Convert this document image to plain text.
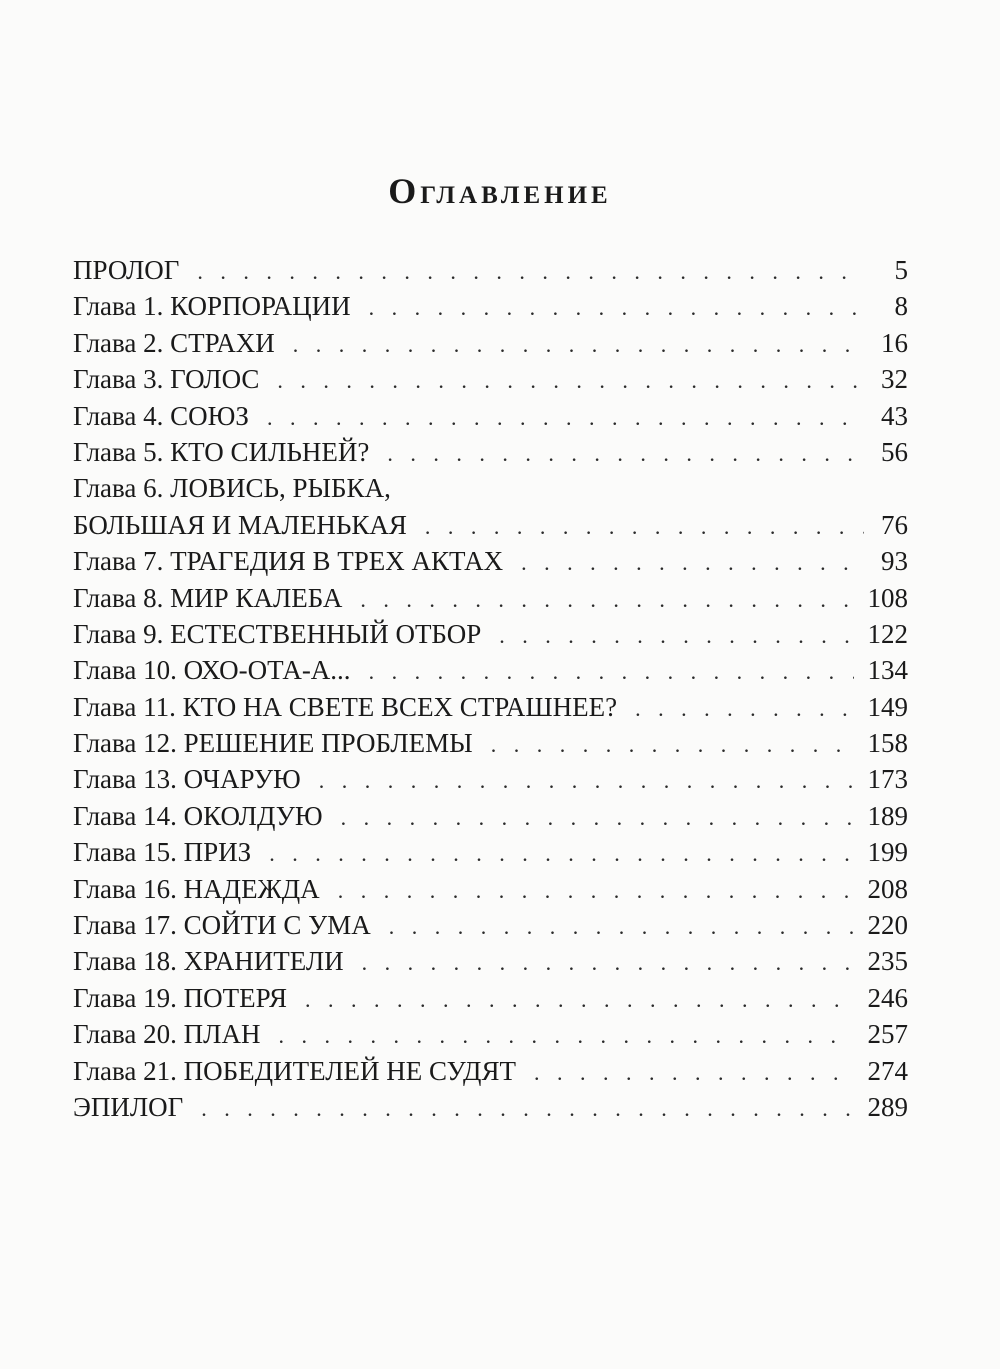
Оглавление
ПРОЛОГ . . .	5
Глава 1. КОРПОРАЦИИ . . .	8
Глава 2. СТРАХИ . . .	16
Глава 3. ГОЛОС . . .	32
Глава 4. СОЮЗ . . .	43
Глава 5. КТО СИЛЬНЕЙ? . . .	56
Глава 6. ЛОВИСЬ, РЫБКА,
БОЛЬШАЯ И МАЛЕНЬКАЯ . . .	76
Глава 7. ТРАГЕДИЯ В ТРЕХ АКТАХ . . .	93
Глава 8. МИР КАЛЕБА . . .	108
Глава 9. ЕСТЕСТВЕННЫЙ ОТБОР . . .	122
Глава 10. ОХО-ОТА-А... . . .	134
Глава 11. КТО НА СВЕТЕ ВСЕХ СТРАШНЕЕ? . . .	149
Глава 12. РЕШЕНИЕ ПРОБЛЕМЫ . . .	158
Глава 13. ОЧАРУЮ . . .	173
Глава 14. ОКОЛДУЮ . . .	189
Глава 15. ПРИЗ . . .	199
Глава 16. НАДЕЖДА . . .	208
Глава 17. СОЙТИ С УМА . . .	220
Глава 18. ХРАНИТЕЛИ . . .	235
Глава 19. ПОТЕРЯ . . .	246
Глава 20. ПЛАН . . .	257
Глава 21. ПОБЕДИТЕЛЕЙ НЕ СУДЯТ . . .	274
ЭПИЛОГ . . .	289
